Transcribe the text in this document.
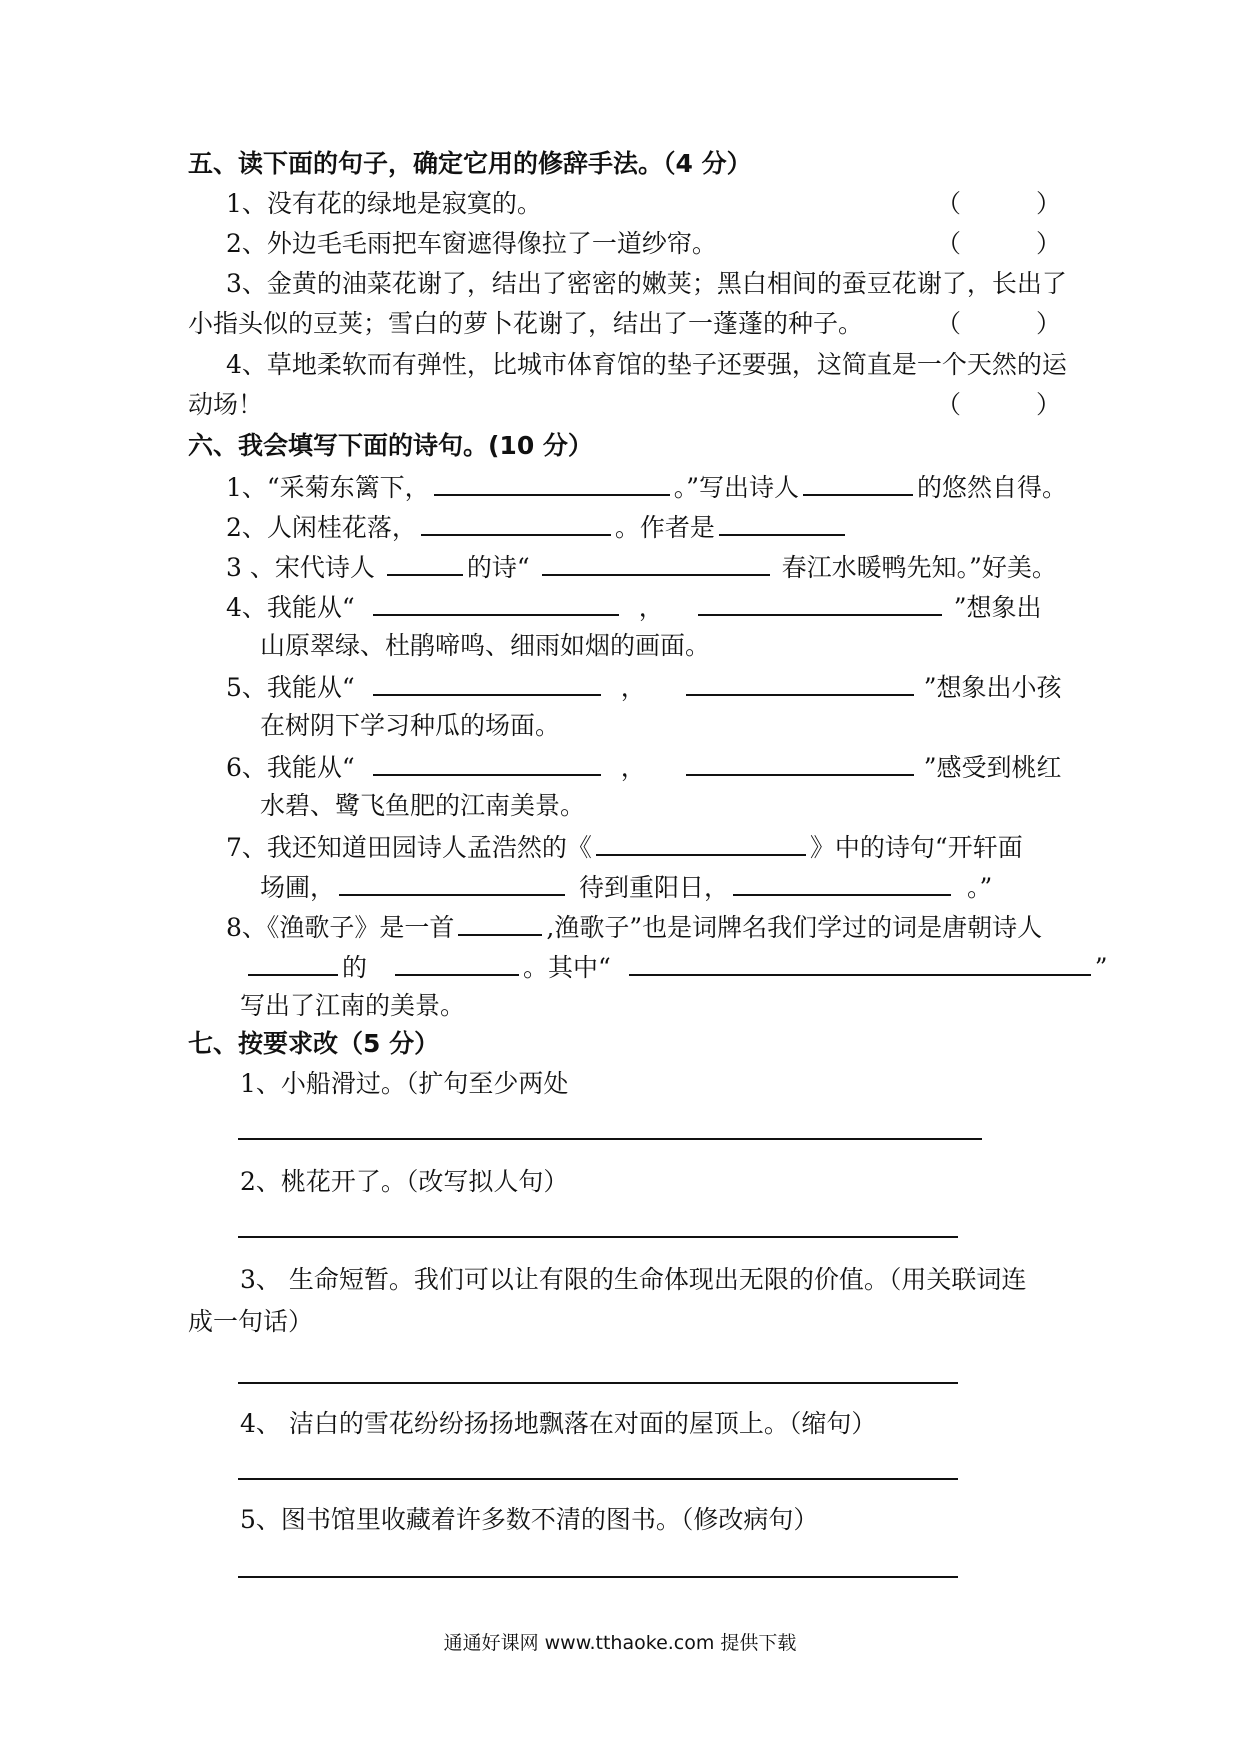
五、读下面的句子，确定它用的修辞手法。（4 分）
1、没有花的绿地是寂寞的。	（	）
2、外边毛毛雨把车窗遮得像拉了一道纱帘。	（	）
3、金黄的油菜花谢了，结出了密密的嫩荚；黑白相间的蚕豆花谢了，长出了
小指头似的豆荚；雪白的萝卜花谢了，结出了一蓬蓬的种子。	（	）
4、草地柔软而有弹性，比城市体育馆的垫子还要强，这简直是一个天然的运
动场！	（	）
六、我会填写下面的诗句。(10 分）
1、“采菊东篱下，	。”写出诗人	的悠然自得。
2、人闲桂花落，	。作者是
3 、宋代诗人	的诗“	春江水暖鸭先知。”好美。
4、我能从“	，	”想象出
山原翠绿、杜鹃啼鸣、细雨如烟的画面。
5、我能从“	，	”想象出小孩
在树阴下学习种瓜的场面。
6、我能从“	，	”感受到桃红
水碧、鹭飞鱼肥的江南美景。
7、我还知道田园诗人孟浩然的《	》中的诗句“开轩面
场圃，	待到重阳日，	。”
8、《渔歌子》是一首	,渔歌子”也是词牌名我们学过的词是唐朝诗人
的	。其中“	”
写出了江南的美景。
七、按要求改（5 分）
1、小船滑过。（扩句至少两处
2、桃花开了。（改写拟人句）
3、 生命短暂。我们可以让有限的生命体现出无限的价值。（用关联词连
成一句话）
4、 洁白的雪花纷纷扬扬地飘落在对面的屋顶上。（缩句）
5、图书馆里收藏着许多数不清的图书。（修改病句）
通通好课网 www.tthaoke.com 提供下载
